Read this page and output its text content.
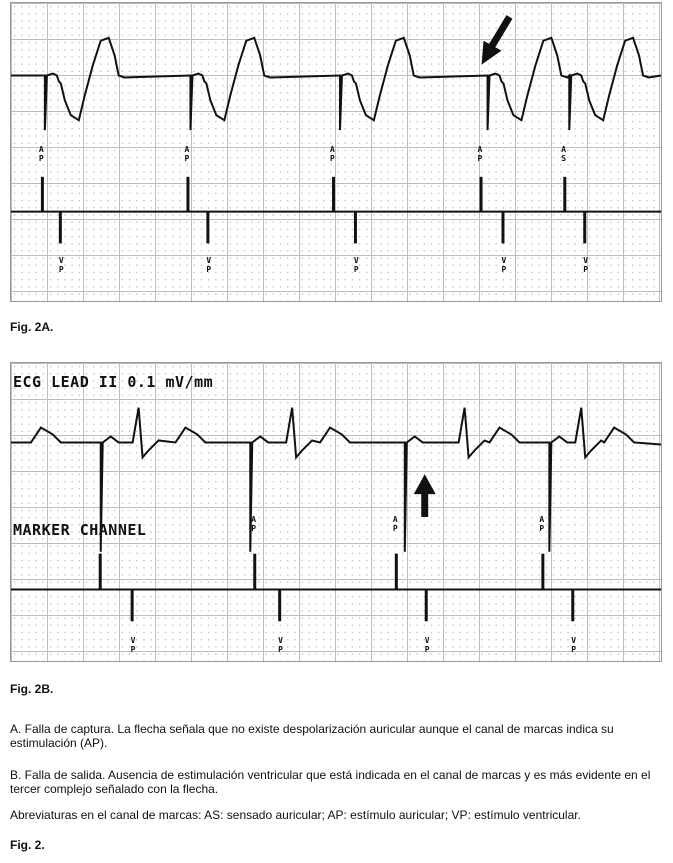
A P
A P
A P
A P
A S
V P
V P
V P
V P
V P
Fig. 2A.
ECG LEAD II 0.1 mV/mm
MARKER CHANNEL
A P
A P
A P
V P
V P
V P
V P
Fig. 2B.
A. Falla de captura. La flecha señala que no existe despolarización auricular aunque el canal de marcas indica su estimulación (AP).
B. Falla de salida. Ausencia de estimulación ventricular que está indicada en el canal de marcas y es más evidente en el tercer complejo señalado con la flecha.
Abreviaturas en el canal de marcas: AS: sensado auricular; AP: estímulo auricular; VP: estímulo ventricular.
Fig. 2.
